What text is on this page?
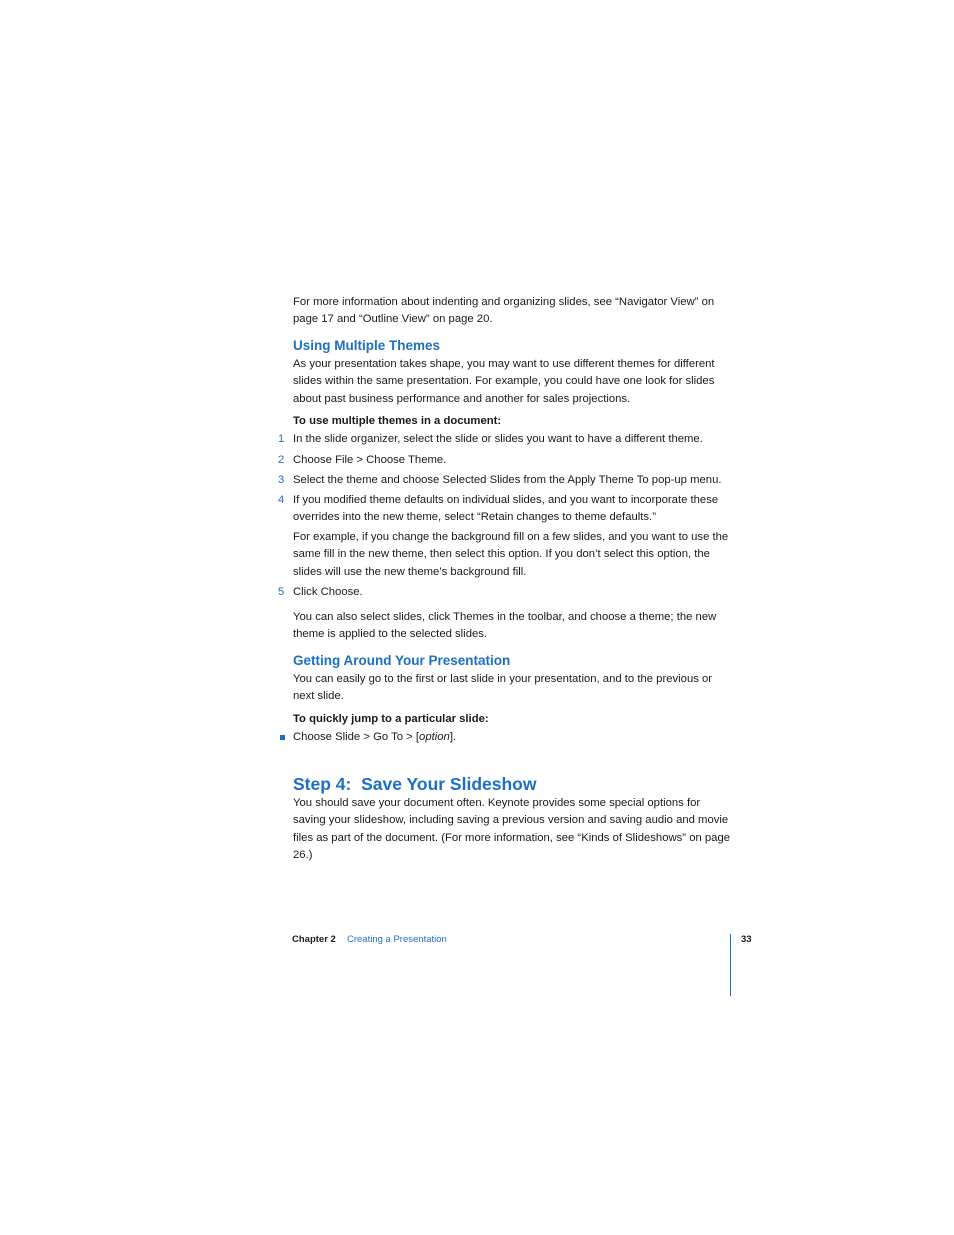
For more information about indenting and organizing slides, see “Navigator View” on page 17 and “Outline View” on page 20.

Using Multiple Themes

As your presentation takes shape, you may want to use different themes for different slides within the same presentation. For example, you could have one look for slides about past business performance and another for sales projections.

To use multiple themes in a document:

1 In the slide organizer, select the slide or slides you want to have a different theme.

2 Choose File > Choose Theme.

3 Select the theme and choose Selected Slides from the Apply Theme To pop-up menu.

4 If you modified theme defaults on individual slides, and you want to incorporate these overrides into the new theme, select “Retain changes to theme defaults.”

For example, if you change the background fill on a few slides, and you want to use the same fill in the new theme, then select this option. If you don’t select this option, the slides will use the new theme’s background fill.

5 Click Choose.

You can also select slides, click Themes in the toolbar, and choose a theme; the new theme is applied to the selected slides.

Getting Around Your Presentation

You can easily go to the first or last slide in your presentation, and to the previous or next slide.

To quickly jump to a particular slide:

Choose Slide > Go To > [option].

Step 4: Save Your Slideshow

You should save your document often. Keynote provides some special options for saving your slideshow, including saving a previous version and saving audio and movie files as part of the document. (For more information, see “Kinds of Slideshows” on page 26.)

Chapter 2 Creating a Presentation	33
